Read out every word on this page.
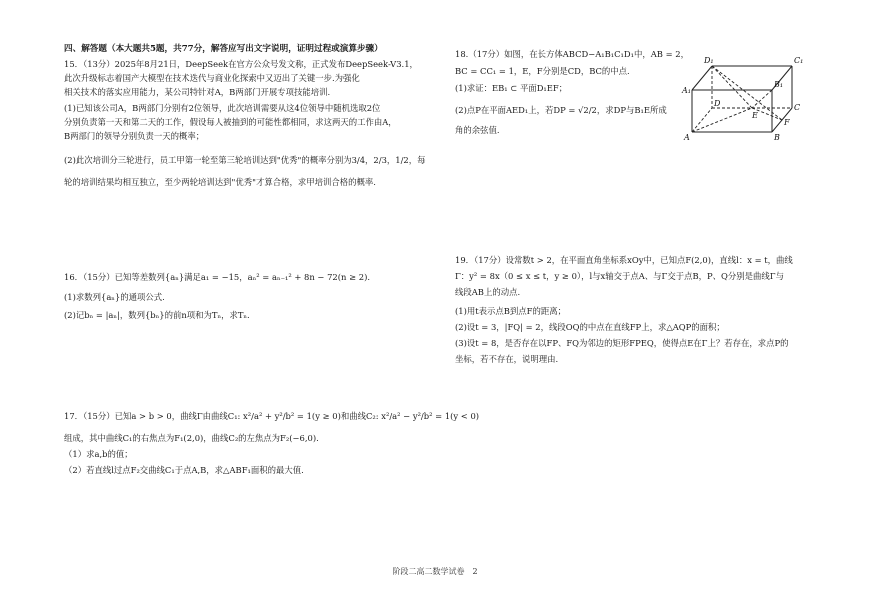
四、解答题（本大题共5题，共77分，解答应写出文字说明，证明过程或演算步骤）
15．（13分）2025年8月21日，DeepSeek在官方公众号发文称，正式发布DeepSeek-V3.1，
此次升级标志着国产大模型在技术迭代与商业化探索中又迈出了关键一步.为强化
相关技术的落实应用能力，某公司特针对A，B两部门开展专项技能培训.
(1)已知该公司A，B两部门分别有2位领导，此次培训需要从这4位领导中随机选取2位
分别负责第一天和第二天的工作，假设每人被抽到的可能性都相同，求这两天的工作由A，
B两部门的领导分别负责一天的概率；
(2)此次培训分三轮进行，员工甲第一轮至第三轮培训达到"优秀"的概率分别为3/4，2/3，1/2，每
轮的培训结果均相互独立，至少两轮培训达到"优秀"才算合格，求甲培训合格的概率.
16．（15分）已知等差数列{aₙ}满足a₁ = −15，aₙ² = aₙ₋₁² + 8n − 72(n ≥ 2).
(1)求数列{aₙ}的通项公式.
(2)记bₙ = |aₙ|，数列{bₙ}的前n项和为Tₙ，求Tₙ.
17．（15分）已知a > b > 0，曲线Γ由曲线C₁: x²/a² + y²/b² = 1(y ≥ 0)和曲线C₂: x²/a² − y²/b² = 1(y < 0)
组成，其中曲线C₁的右焦点为F₁(2,0)，曲线C₂的左焦点为F₂(−6,0).
（1）求a,b的值；
（2）若直线l过点F₂交曲线C₁于点A,B，求△ABF₁面积的最大值.
18.（17分）如图，在长方体ABCD−A₁B₁C₁D₁中，AB = 2，
BC = CC₁ = 1，E，F分别是CD，BC的中点.
(1)求证：EB₁ ⊂ 平面D₁EF；
(2)点P在平面AED₁上，若DP = √2/2，求DP与B₁E所成
角的余弦值.
19．（17分）设常数t > 2，在平面直角坐标系xOy中，已知点F(2,0)，直线l：x = t，曲线
Γ：y² = 8x（0 ≤ x ≤ t，y ≥ 0），l与x轴交于点A、与Γ交于点B，P、Q分别是曲线Γ与
线段AB上的动点.
(1)用t表示点B到点F的距离；
(2)设t = 3，|FQ| = 2，线段OQ的中点在直线FP上，求△AQP的面积；
(3)设t = 8，是否存在以FP、FQ为邻边的矩形FPEQ，使得点E在Γ上？若存在，求点P的
坐标，若不存在，说明理由.
D₁	C₁
A₁
B₁
D
E
C
A	B
F
阶段二高二数学试卷　2
